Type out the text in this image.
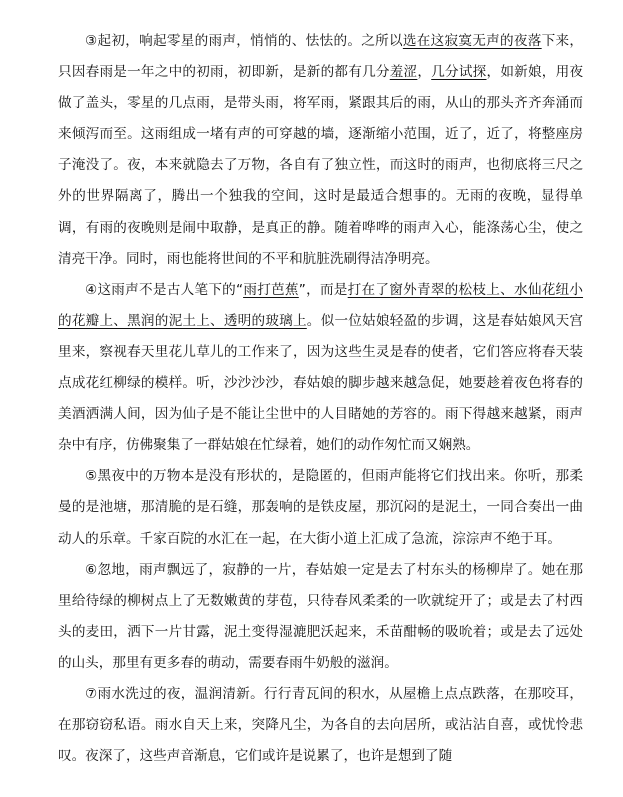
③起初，响起零星的雨声，悄悄的、怯怯的。之所以选在这寂寞无声的夜落下来，只因春雨是一年之中的初雨，初即新，是新的都有几分羞涩，几分试探，如新娘，用夜做了盖头，零星的几点雨，是带头雨，将军雨，紧跟其后的雨，从山的那头齐齐奔涌而来倾泻而至。这雨组成一堵有声的可穿越的墙，逐渐缩小范围，近了，近了，将整座房子淹没了。夜，本来就隐去了万物，各自有了独立性，而这时的雨声，也彻底将三尺之外的世界隔离了，腾出一个独我的空间，这时是最适合想事的。无雨的夜晚，显得单调，有雨的夜晚则是闹中取静，是真正的静。随着哗哗的雨声入心，能涤荡心尘，使之清亮干净。同时，雨也能将世间的不平和肮脏洗刷得洁净明亮。

④这雨声不是古人笔下的“雨打芭蕉”，而是打在了窗外青翠的松枝上、水仙花纽小的花瓣上、黑润的泥土上、透明的玻璃上。似一位姑娘轻盈的步调，这是春姑娘风天宫里来，察视春天里花儿草儿的工作来了，因为这些生灵是春的使者，它们答应将春天装点成花红柳绿的模样。听，沙沙沙沙，春姑娘的脚步越来越急促，她要趁着夜色将春的美酒洒满人间，因为仙子是不能让尘世中的人目睹她的芳容的。雨下得越来越紧，雨声杂中有序，仿佛聚集了一群姑娘在忙绿着，她们的动作匆忙而又娴熟。

⑤黑夜中的万物本是没有形状的，是隐匿的，但雨声能将它们找出来。你听，那柔曼的是池塘，那清脆的是石缝，那轰响的是铁皮屋，那沉闷的是泥土，一同合奏出一曲动人的乐章。千家百院的水汇在一起，在大街小道上汇成了急流，淙淙声不绝于耳。

⑥忽地，雨声飘远了，寂静的一片，春姑娘一定是去了村东头的杨柳岸了。她在那里给待绿的柳树点上了无数嫩黄的芽苞，只待春风柔柔的一吹就绽开了；或是去了村西头的麦田，洒下一片甘露，泥土变得湿漉肥沃起来，禾苗酣畅的吸吮着；或是去了远处的山头，那里有更多春的萌动，需要春雨牛奶般的滋润。

⑦雨水洗过的夜，温润清新。行行青瓦间的积水，从屋檐上点点跌落，在那咬耳，在那窃窃私语。雨水自天上来，突降凡尘，为各自的去向居所，或沾沾自喜，或忧怜悲叹。夜深了，这些声音渐息，它们或许是说累了，也许是想到了随
